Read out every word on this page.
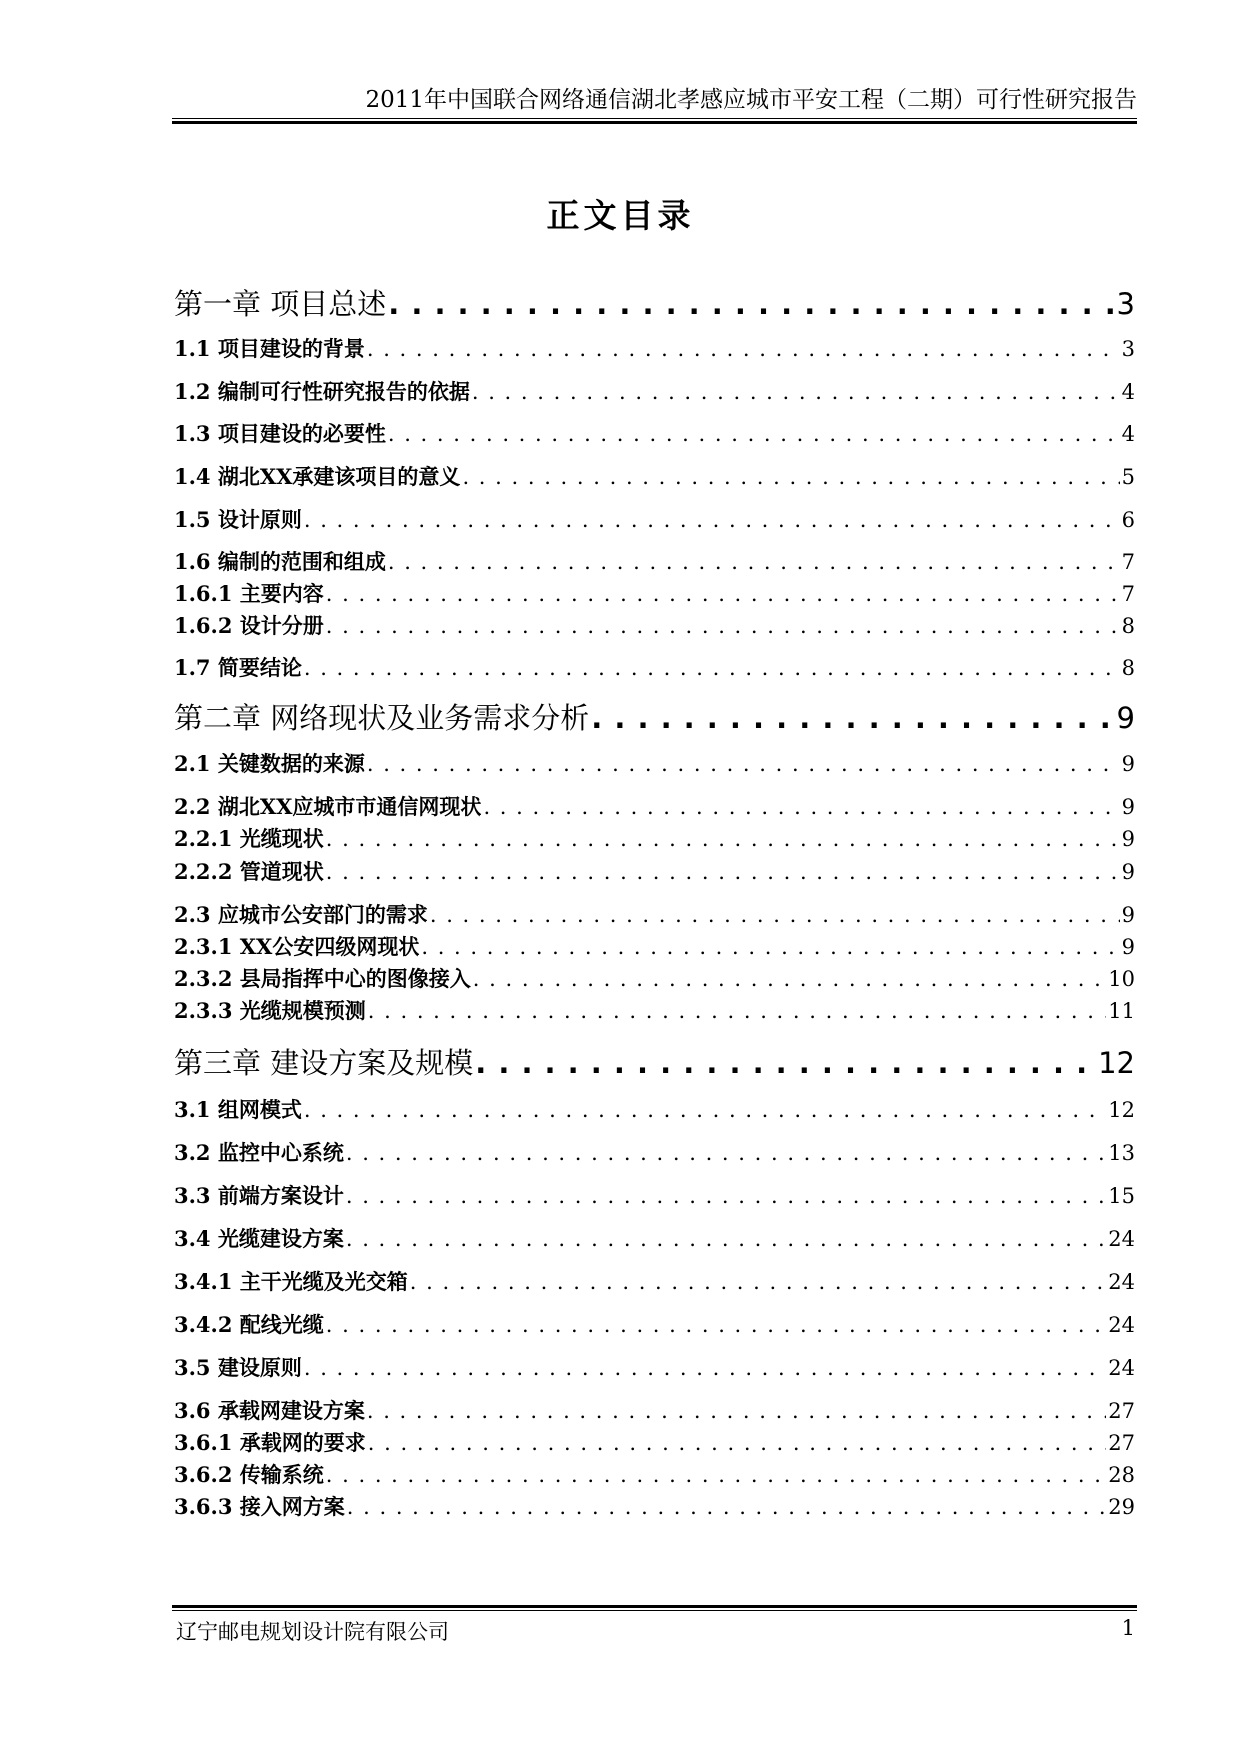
2011年中国联合网络通信湖北孝感应城市平安工程（二期）可行性研究报告
正文目录
第一章 项目总述 . . .	3
1.1 项目建设的背景 . . .	3
1.2 编制可行性研究报告的依据 . . .	4
1.3 项目建设的必要性 . . .	4
1.4 湖北XX承建该项目的意义 . . .	5
1.5 设计原则 . . .	6
1.6 编制的范围和组成 . . .	7
1.6.1 主要内容 . . .	7
1.6.2 设计分册 . . .	8
1.7 简要结论 . . .	8
第二章 网络现状及业务需求分析 . . .	9
2.1 关键数据的来源 . . .	9
2.2 湖北XX应城市市通信网现状 . . .	9
2.2.1 光缆现状 . . .	9
2.2.2 管道现状 . . .	9
2.3 应城市公安部门的需求 . . .	9
2.3.1 XX公安四级网现状 . . .	9
2.3.2 县局指挥中心的图像接入 . . .	10
2.3.3 光缆规模预测 . . .	11
第三章 建设方案及规模 . . .	12
3.1 组网模式 . . .	12
3.2 监控中心系统 . . .	13
3.3 前端方案设计 . . .	15
3.4 光缆建设方案 . . .	24
3.4.1 主干光缆及光交箱 . . .	24
3.4.2 配线光缆 . . .	24
3.5 建设原则 . . .	24
3.6 承载网建设方案 . . .	27
3.6.1 承载网的要求 . . .	27
3.6.2 传输系统 . . .	28
3.6.3 接入网方案 . . .	29
辽宁邮电规划设计院有限公司	1
